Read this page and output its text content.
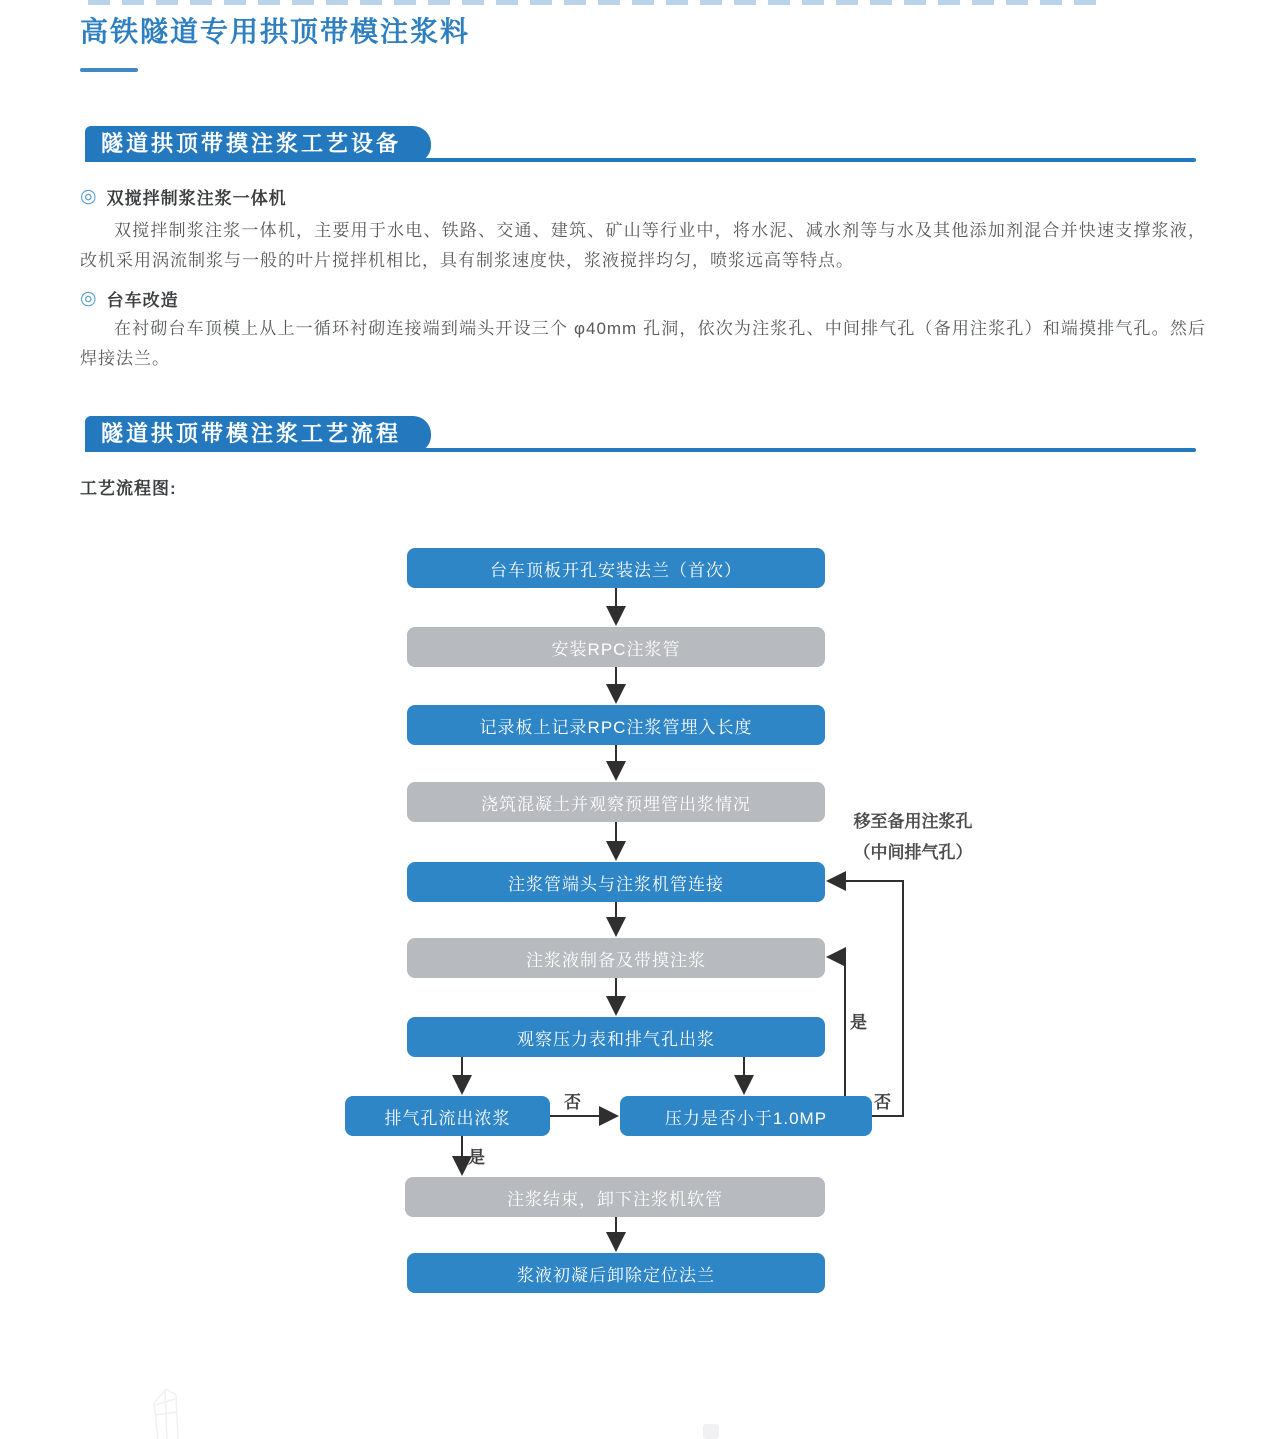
高铁隧道专用拱顶带模注浆料
隧道拱顶带摸注浆工艺设备
◎ 双搅拌制浆注浆一体机

双搅拌制浆注浆一体机，主要用于水电、铁路、交通、建筑、矿山等行业中，将水泥、减水剂等与水及其他添加剂混合并快速支撑浆液，改机采用涡流制浆与一般的叶片搅拌机相比，具有制浆速度快，浆液搅拌均匀，喷浆远高等特点。

◎ 台车改造

在衬砌台车顶模上从上一循环衬砌连接端到端头开设三个 φ40mm 孔洞，依次为注浆孔、中间排气孔（备用注浆孔）和端摸排气孔。然后焊接法兰。

隧道拱顶带模注浆工艺流程
工艺流程图:
台车顶板开孔安装法兰（首次）
安装RPC注浆管
记录板上记录RPC注浆管埋入长度
浇筑混凝土并观察预埋管出浆情况
注浆管端头与注浆机管连接
注浆液制备及带摸注浆
观察压力表和排气孔出浆
排气孔流出浓浆	压力是否小于1.0MP
注浆结束，卸下注浆机软管
浆液初凝后卸除定位法兰
否
是
是
否
移至备用注浆孔
（中间排气孔）
